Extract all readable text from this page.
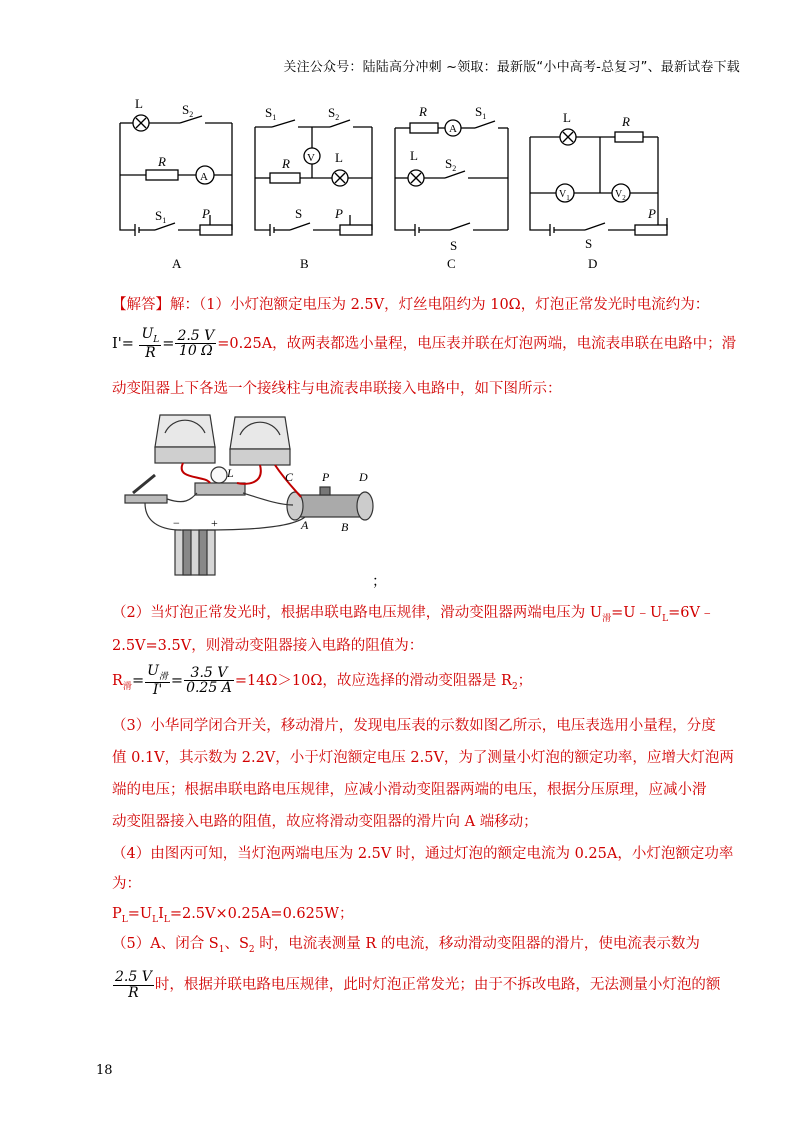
关注公众号：陆陆高分冲刺 ~领取：最新版“小中高考-总复习”、最新试卷下载
L	$S_2$
R
A
$S_1$	P
$S_1$	$S_2$
V
R	L
S	P
R
A
$S_1$
L
$S_2$
S
L	R
$V_1$	$V_2$
S
P
A	B	C	D
【解答】解：（1）小灯泡额定电压为 2.5V，灯丝电阻约为 10Ω，灯泡正常发光时电流约为：
$I'= \frac{U_L}{R} = \frac{2.5 V}{10 \Omega} =0.25A$，故两表都选小量程，电压表并联在灯泡两端，电流表串联在电路中；滑
动变阻器上下各选一个接线柱与电流表串联接入电路中，如下图所示：
L	C P D
A	B
−	+
；
（2）当灯泡正常发光时，根据串联电路电压规律，滑动变阻器两端电压为 $U_滑=U﹣U_L=6V﹣$
2.5V=3.5V，则滑动变阻器接入电路的阻值为：
$R_滑= \frac{U_滑}{I'} = \frac{3.5 V}{0.25 A} =14\Omega>10\Omega$，故应选择的滑动变阻器是 $R_2$；
（3）小华同学闭合开关，移动滑片，发现电压表的示数如图乙所示，电压表选用小量程，分度
值 0.1V，其示数为 2.2V，小于灯泡额定电压 2.5V，为了测量小灯泡的额定功率，应增大灯泡两
端的电压；根据串联电路电压规律，应减小滑动变阻器两端的电压，根据分压原理，应减小滑
动变阻器接入电路的阻值，故应将滑动变阻器的滑片向 A 端移动；
（4）由图丙可知，当灯泡两端电压为 2.5V 时，通过灯泡的额定电流为 0.25A，小灯泡额定功率
为：
$P_L=U_LI_L=2.5V\times 0.25A=0.625W$；
（5）A、闭合 $S_1$、$S_2$ 时，电流表测量 R 的电流，移动滑动变阻器的滑片，使电流表示数为
$\frac{2.5 V}{R}$ 时，根据并联电路电压规律，此时灯泡正常发光；由于不拆改电路，无法测量小灯泡的额
18
